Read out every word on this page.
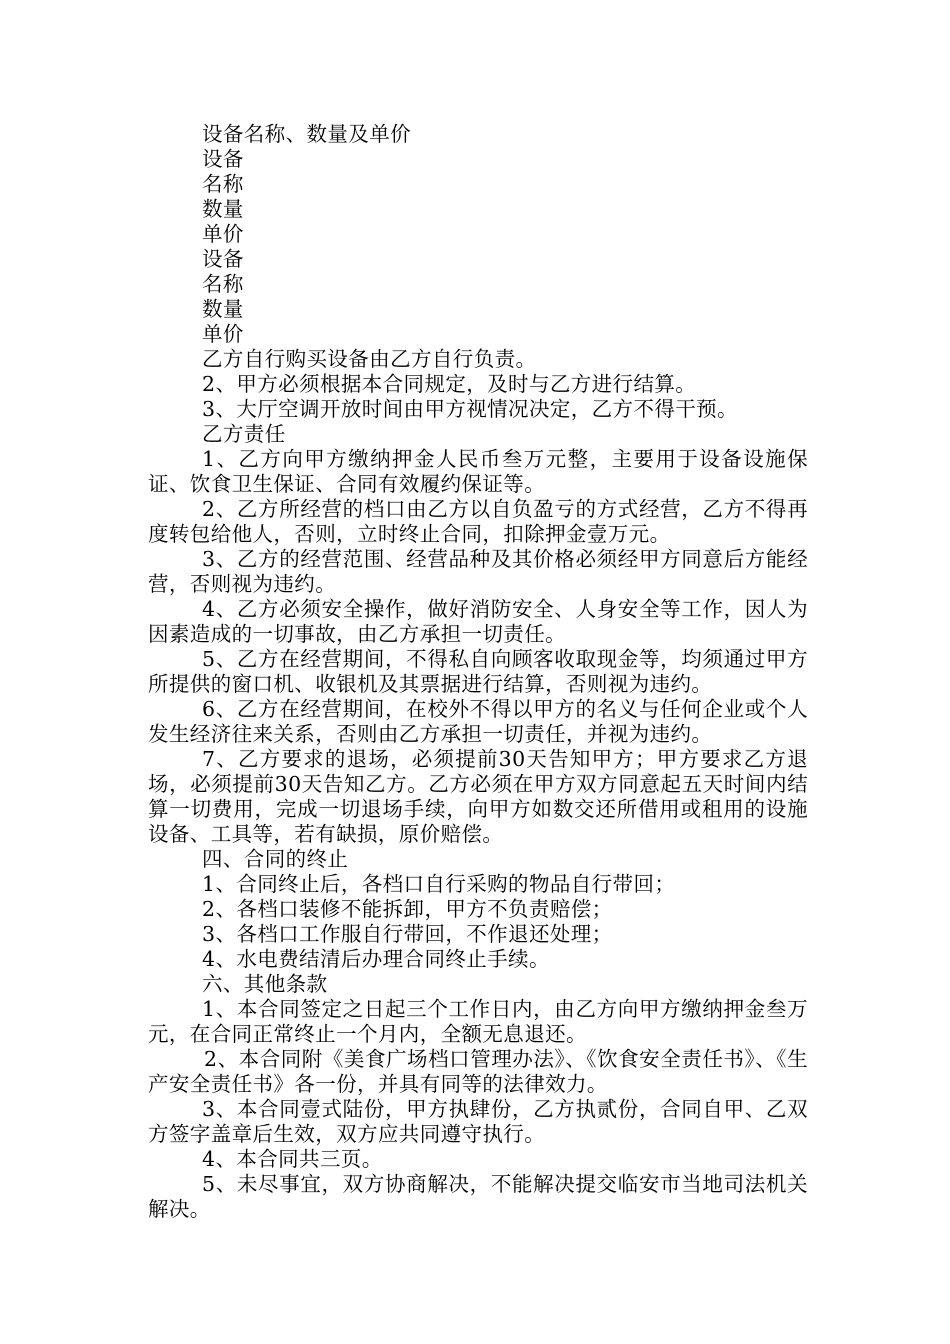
设备名称、数量及单价

设备

名称

数量

单价

设备

名称

数量

单价

乙方自行购买设备由乙方自行负责。

2、甲方必须根据本合同规定，及时与乙方进行结算。

3、大厅空调开放时间由甲方视情况决定，乙方不得干预。

乙方责任

1、乙方向甲方缴纳押金人民币叁万元整，主要用于设备设施保证、饮食卫生保证、合同有效履约保证等。

2、乙方所经营的档口由乙方以自负盈亏的方式经营，乙方不得再度转包给他人，否则，立时终止合同，扣除押金壹万元。

3、乙方的经营范围、经营品种及其价格必须经甲方同意后方能经营，否则视为违约。

4、乙方必须安全操作，做好消防安全、人身安全等工作，因人为因素造成的一切事故，由乙方承担一切责任。

5、乙方在经营期间，不得私自向顾客收取现金等，均须通过甲方所提供的窗口机、收银机及其票据进行结算，否则视为违约。

6、乙方在经营期间，在校外不得以甲方的名义与任何企业或个人发生经济往来关系，否则由乙方承担一切责任，并视为违约。

7、乙方要求的退场，必须提前30天告知甲方；甲方要求乙方退场，必须提前30天告知乙方。乙方必须在甲方双方同意起五天时间内结算一切费用，完成一切退场手续，向甲方如数交还所借用或租用的设施设备、工具等，若有缺损，原价赔偿。

四、合同的终止

1、合同终止后，各档口自行采购的物品自行带回；

2、各档口装修不能拆卸，甲方不负责赔偿；

3、各档口工作服自行带回，不作退还处理；

4、水电费结清后办理合同终止手续。

六、其他条款

1、本合同签定之日起三个工作日内，由乙方向甲方缴纳押金叁万元，在合同正常终止一个月内，全额无息退还。

2、本合同附《美食广场档口管理办法》、《饮食安全责任书》、《生产安全责任书》各一份，并具有同等的法律效力。

3、本合同壹式陆份，甲方执肆份，乙方执贰份，合同自甲、乙双方签字盖章后生效，双方应共同遵守执行。

4、本合同共三页。

5、未尽事宜，双方协商解决，不能解决提交临安市当地司法机关解决。
